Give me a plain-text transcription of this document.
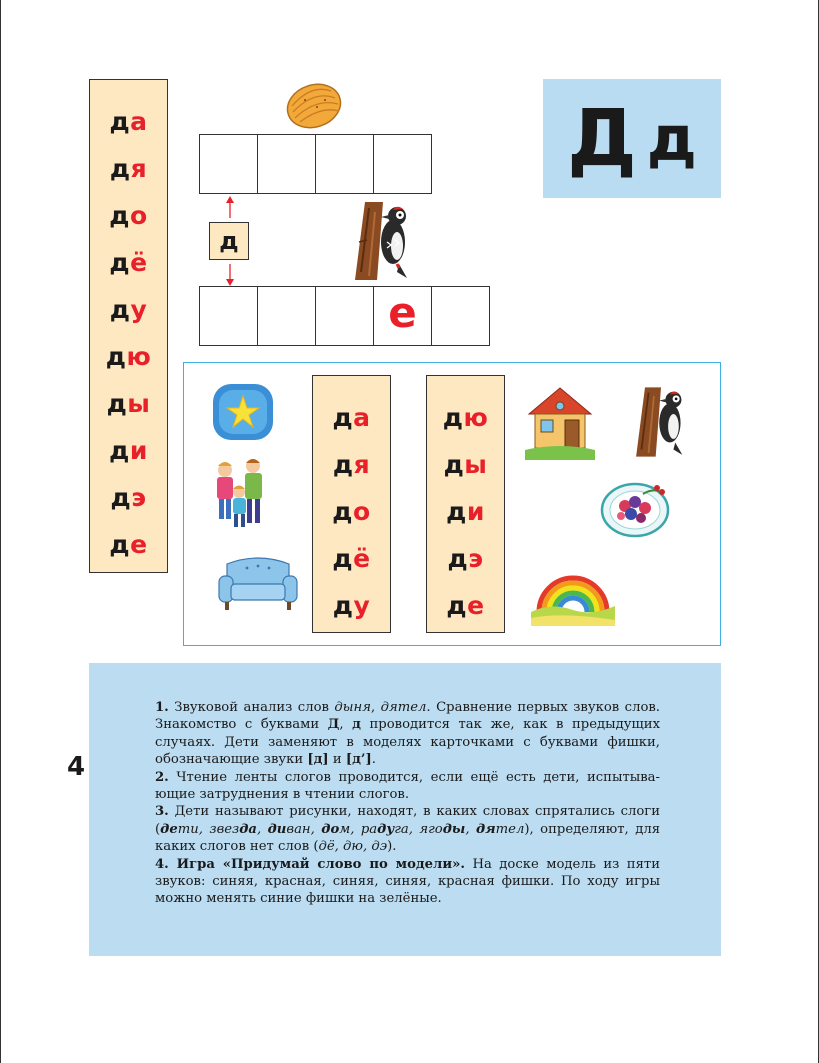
да
дя
до
дё
ду
дю
ды
ди
дэ
де
д
е
Д д
да
дя
до
дё
ду
дю
ды
ди
дэ
де
4

1. Звуковой анализ слов дыня, дятел. Сравнение первых звуков слов. Знакомство с буквами Д, д проводится так же, как в предыдущих случаях. Дети заменяют в моделях карточками с буквами фишки, обозначающие звуки [д] и [д’].

2. Чтение ленты слогов проводится, если ещё есть дети, испытывающие затруднения в чтении слогов.

3. Дети называют рисунки, находят, в каких словах спрятались слоги (дети, звезда, диван, дом, радуга, ягоды, дятел), определяют, для каких слогов нет слов (дё, дю, дэ).

4. Игра «Придумай слово по модели». На доске модель из пяти звуков: синяя, красная, синяя, синяя, красная фишки. По ходу игры можно менять синие фишки на зелёные.
